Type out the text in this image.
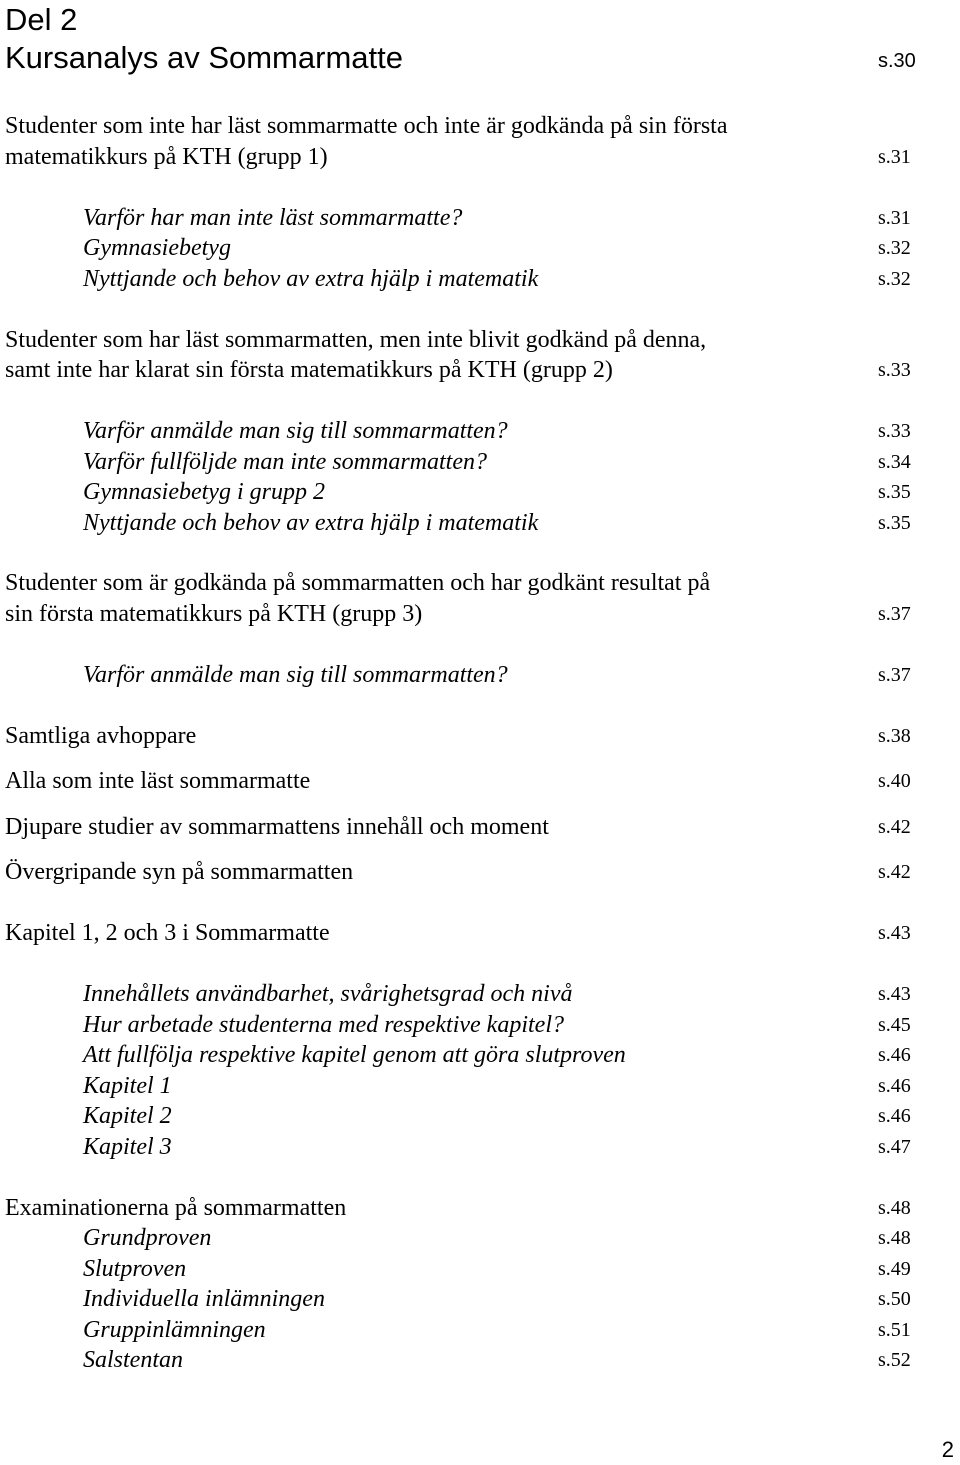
Del 2
Kursanalys av Sommarmatte	s.30
Studenter som inte har läst sommarmatte och inte är godkända på sin första
matematikkurs på KTH (grupp 1)	s.31
Varför har man inte läst sommarmatte?	s.31
Gymnasiebetyg	s.32
Nyttjande och behov av extra hjälp i matematik	s.32
Studenter som har läst sommarmatten, men inte blivit godkänd på denna,
samt inte har klarat sin första matematikkurs på KTH (grupp 2)	s.33
Varför anmälde man sig till sommarmatten?	s.33
Varför fullföljde man inte sommarmatten?	s.34
Gymnasiebetyg i grupp 2	s.35
Nyttjande och behov av extra hjälp i matematik	s.35
Studenter som är godkända på sommarmatten och har godkänt resultat på
sin första matematikkurs på KTH (grupp 3)	s.37
Varför anmälde man sig till sommarmatten?	s.37
Samtliga avhoppare	s.38
Alla som inte läst sommarmatte	s.40
Djupare studier av sommarmattens innehåll och moment	s.42
Övergripande syn på sommarmatten	s.42
Kapitel 1, 2 och 3 i Sommarmatte	s.43
Innehållets användbarhet, svårighetsgrad och nivå	s.43
Hur arbetade studenterna med respektive kapitel?	s.45
Att fullfölja respektive kapitel genom att göra slutproven	s.46
Kapitel 1	s.46
Kapitel 2	s.46
Kapitel 3	s.47
Examinationerna på sommarmatten	s.48
Grundproven	s.48
Slutproven	s.49
Individuella inlämningen	s.50
Gruppinlämningen	s.51
Salstentan	s.52
2
